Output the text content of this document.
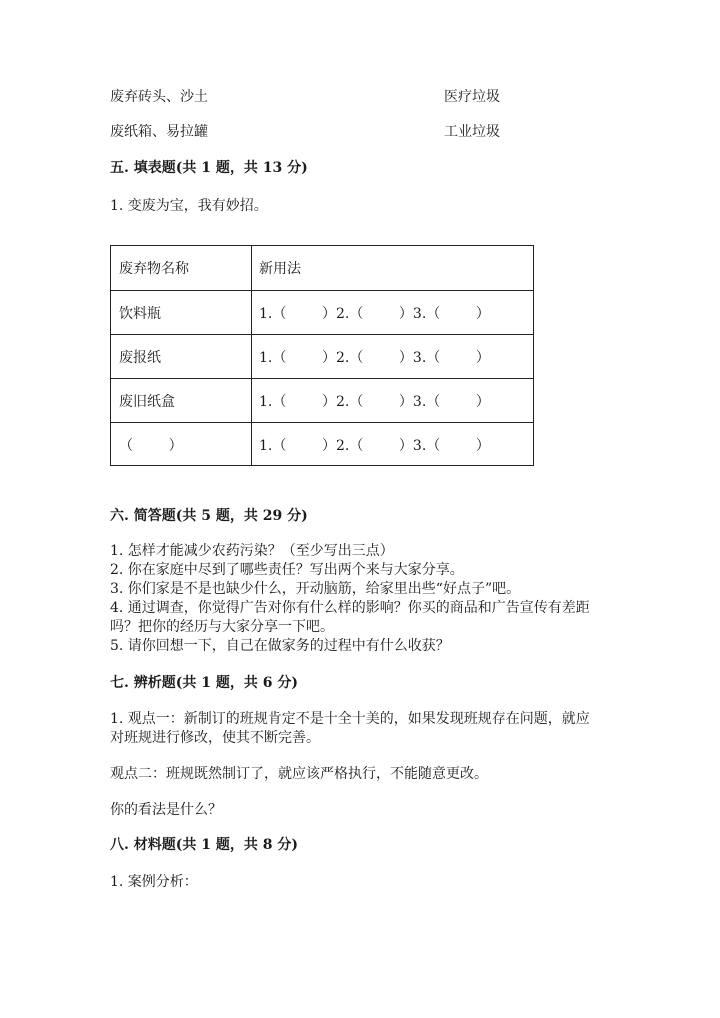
废弃砖头、沙土	医疗垃圾
废纸箱、易拉罐	工业垃圾
五. 填表题(共 1 题，共 13 分)
1. 变废为宝，我有妙招。
废弃物名称	新用法
饮料瓶	1.（        ）2.（        ）3.（        ）
废报纸	1.（        ）2.（        ）3.（        ）
废旧纸盒	1.（        ）2.（        ）3.（        ）
（        ）	1.（        ）2.（        ）3.（        ）
六. 简答题(共 5 题，共 29 分)
1. 怎样才能减少农药污染？（至少写出三点）
2. 你在家庭中尽到了哪些责任？写出两个来与大家分享。
3. 你们家是不是也缺少什么，开动脑筋，给家里出些“好点子”吧。
4. 通过调查，你觉得广告对你有什么样的影响？你买的商品和广告宣传有差距
吗？把你的经历与大家分享一下吧。
5. 请你回想一下，自己在做家务的过程中有什么收获？
七. 辨析题(共 1 题，共 6 分)
1. 观点一：新制订的班规肯定不是十全十美的，如果发现班规存在问题，就应
对班规进行修改，使其不断完善。
观点二：班规既然制订了，就应该严格执行，不能随意更改。
你的看法是什么？
八. 材料题(共 1 题，共 8 分)
1. 案例分析：
